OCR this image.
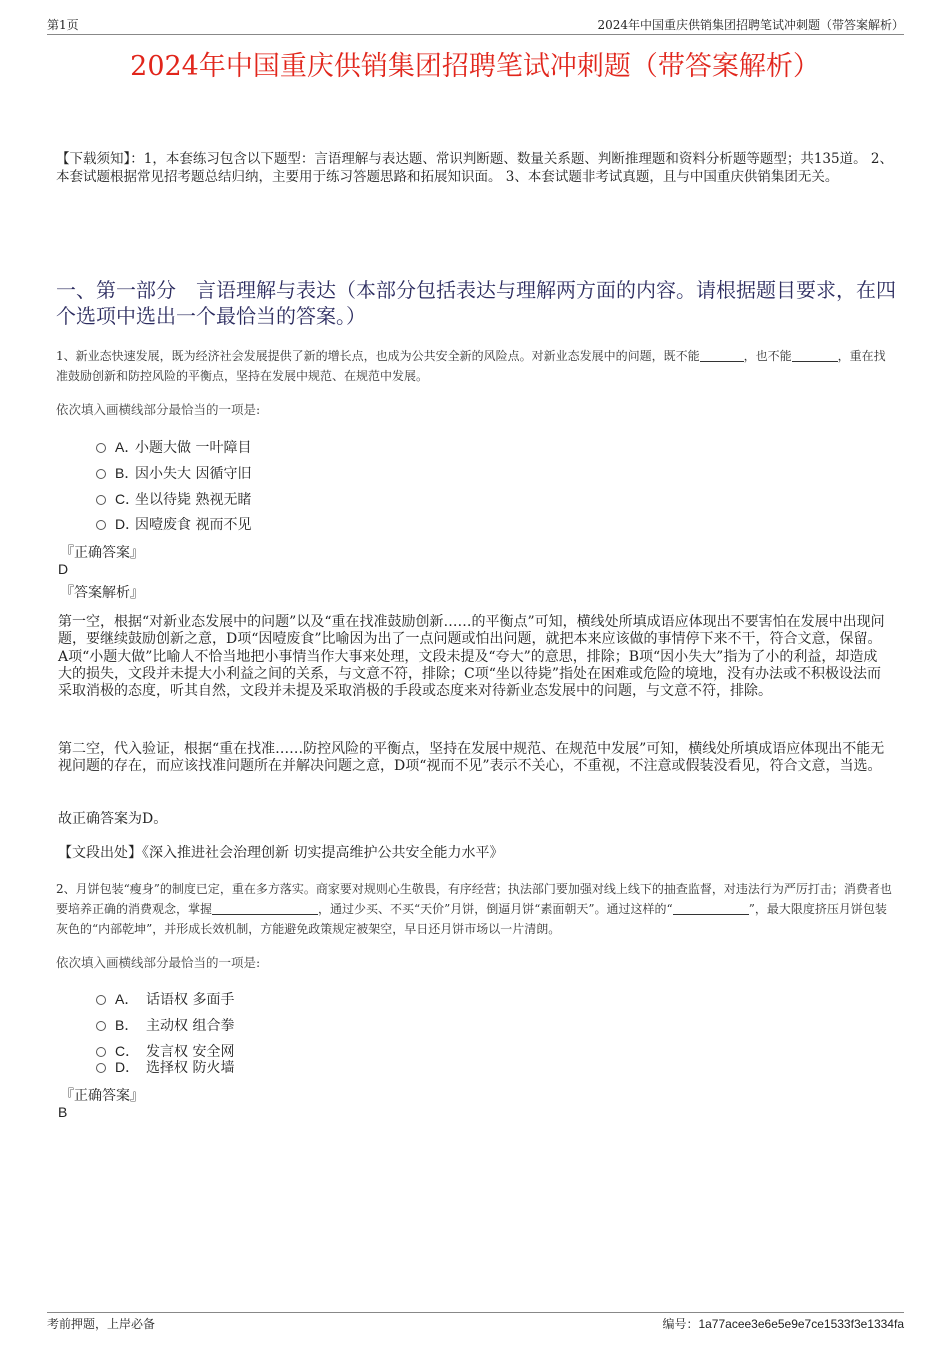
第1页	2024年中国重庆供销集团招聘笔试冲刺题（带答案解析）
2024年中国重庆供销集团招聘笔试冲刺题（带答案解析）
【下载须知】：1，本套练习包含以下题型：言语理解与表达题、常识判断题、数量关系题、判断推理题和资料分析题等题型；共135道。 2、本套试题根据常见招考题总结归纳，主要用于练习答题思路和拓展知识面。 3、本套试题非考试真题，且与中国重庆供销集团无关。
一、第一部分　言语理解与表达（本部分包括表达与理解两方面的内容。请根据题目要求，在四个选项中选出一个最恰当的答案。）
1、新业态快速发展，既为经济社会发展提供了新的增长点，也成为公共安全新的风险点。对新业态发展中的问题，既不能	，也不能	，重在找准鼓励创新和防控风险的平衡点，坚持在发展中规范、在规范中发展。
依次填入画横线部分最恰当的一项是:
A．小题大做 一叶障目
B．因小失大 因循守旧
C．坐以待毙 熟视无睹
D．因噎废食 视而不见
『正确答案』
D
『答案解析』
第一空，根据“对新业态发展中的问题”以及“重在找准鼓励创新……的平衡点”可知，横线处所填成语应体现出不要害怕在发展中出现问题，要继续鼓励创新之意，D项“因噎废食”比喻因为出了一点问题或怕出问题，就把本来应该做的事情停下来不干，符合文意，保留。A项“小题大做”比喻人不恰当地把小事情当作大事来处理，文段未提及“夸大”的意思，排除；B项“因小失大”指为了小的利益，却造成大的损失，文段并未提大小利益之间的关系，与文意不符，排除；C项“坐以待毙”指处在困难或危险的境地，没有办法或不积极设法而采取消极的态度，听其自然，文段并未提及采取消极的手段或态度来对待新业态发展中的问题，与文意不符，排除。
第二空，代入验证，根据“重在找准……防控风险的平衡点，坚持在发展中规范、在规范中发展”可知，横线处所填成语应体现出不能无视问题的存在，而应该找准问题所在并解决问题之意，D项“视而不见”表示不关心，不重视，不注意或假装没看见，符合文意，当选。
故正确答案为D。
【文段出处】《深入推进社会治理创新 切实提高维护公共安全能力水平》
2、月饼包装“瘦身”的制度已定，重在多方落实。商家要对规则心生敬畏，有序经营；执法部门要加强对线上线下的抽查监督，对违法行为严厉打击；消费者也要培养正确的消费观念，掌握	，通过少买、不买“天价”月饼，倒逼月饼“素面朝天”。通过这样的“	”，最大限度挤压月饼包装灰色的“内部乾坤”，并形成长效机制，方能避免政策规定被架空，早日还月饼市场以一片清朗。
依次填入画横线部分最恰当的一项是:
A． 话语权 多面手
B． 主动权 组合拳
C． 发言权 安全网
D． 选择权 防火墙
『正确答案』
B
考前押题，上岸必备	编号：1a77acee3e6e5e9e7ce1533f3e1334fa
